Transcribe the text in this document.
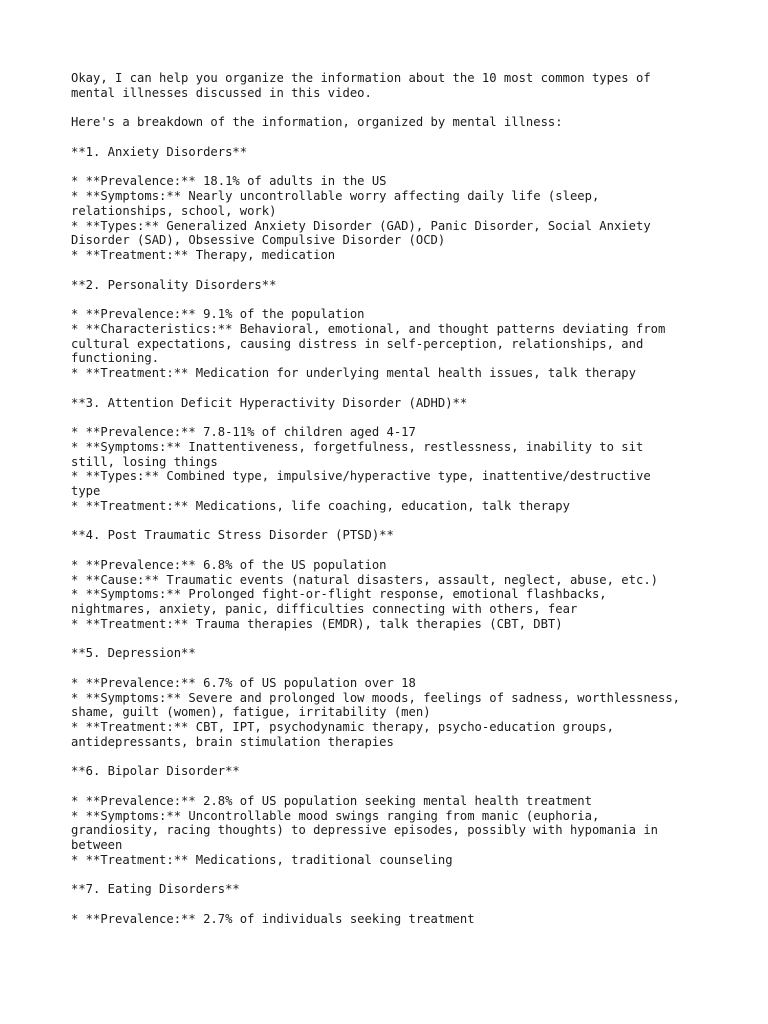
Okay, I can help you organize the information about the 10 most common types of
mental illnesses discussed in this video.
Here's a breakdown of the information, organized by mental illness:
**1. Anxiety Disorders**
* **Prevalence:** 18.1% of adults in the US
* **Symptoms:** Nearly uncontrollable worry affecting daily life (sleep,
relationships, school, work)
* **Types:** Generalized Anxiety Disorder (GAD), Panic Disorder, Social Anxiety
Disorder (SAD), Obsessive Compulsive Disorder (OCD)
* **Treatment:** Therapy, medication
**2. Personality Disorders**
* **Prevalence:** 9.1% of the population
* **Characteristics:** Behavioral, emotional, and thought patterns deviating from
cultural expectations, causing distress in self-perception, relationships, and
functioning.
* **Treatment:** Medication for underlying mental health issues, talk therapy
**3. Attention Deficit Hyperactivity Disorder (ADHD)**
* **Prevalence:** 7.8-11% of children aged 4-17
* **Symptoms:** Inattentiveness, forgetfulness, restlessness, inability to sit
still, losing things
* **Types:** Combined type, impulsive/hyperactive type, inattentive/destructive
type
* **Treatment:** Medications, life coaching, education, talk therapy
**4. Post Traumatic Stress Disorder (PTSD)**
* **Prevalence:** 6.8% of the US population
* **Cause:** Traumatic events (natural disasters, assault, neglect, abuse, etc.)
* **Symptoms:** Prolonged fight-or-flight response, emotional flashbacks,
nightmares, anxiety, panic, difficulties connecting with others, fear
* **Treatment:** Trauma therapies (EMDR), talk therapies (CBT, DBT)
**5. Depression**
* **Prevalence:** 6.7% of US population over 18
* **Symptoms:** Severe and prolonged low moods, feelings of sadness, worthlessness,
shame, guilt (women), fatigue, irritability (men)
* **Treatment:** CBT, IPT, psychodynamic therapy, psycho-education groups,
antidepressants, brain stimulation therapies
**6. Bipolar Disorder**
* **Prevalence:** 2.8% of US population seeking mental health treatment
* **Symptoms:** Uncontrollable mood swings ranging from manic (euphoria,
grandiosity, racing thoughts) to depressive episodes, possibly with hypomania in
between
* **Treatment:** Medications, traditional counseling
**7. Eating Disorders**
* **Prevalence:** 2.7% of individuals seeking treatment
